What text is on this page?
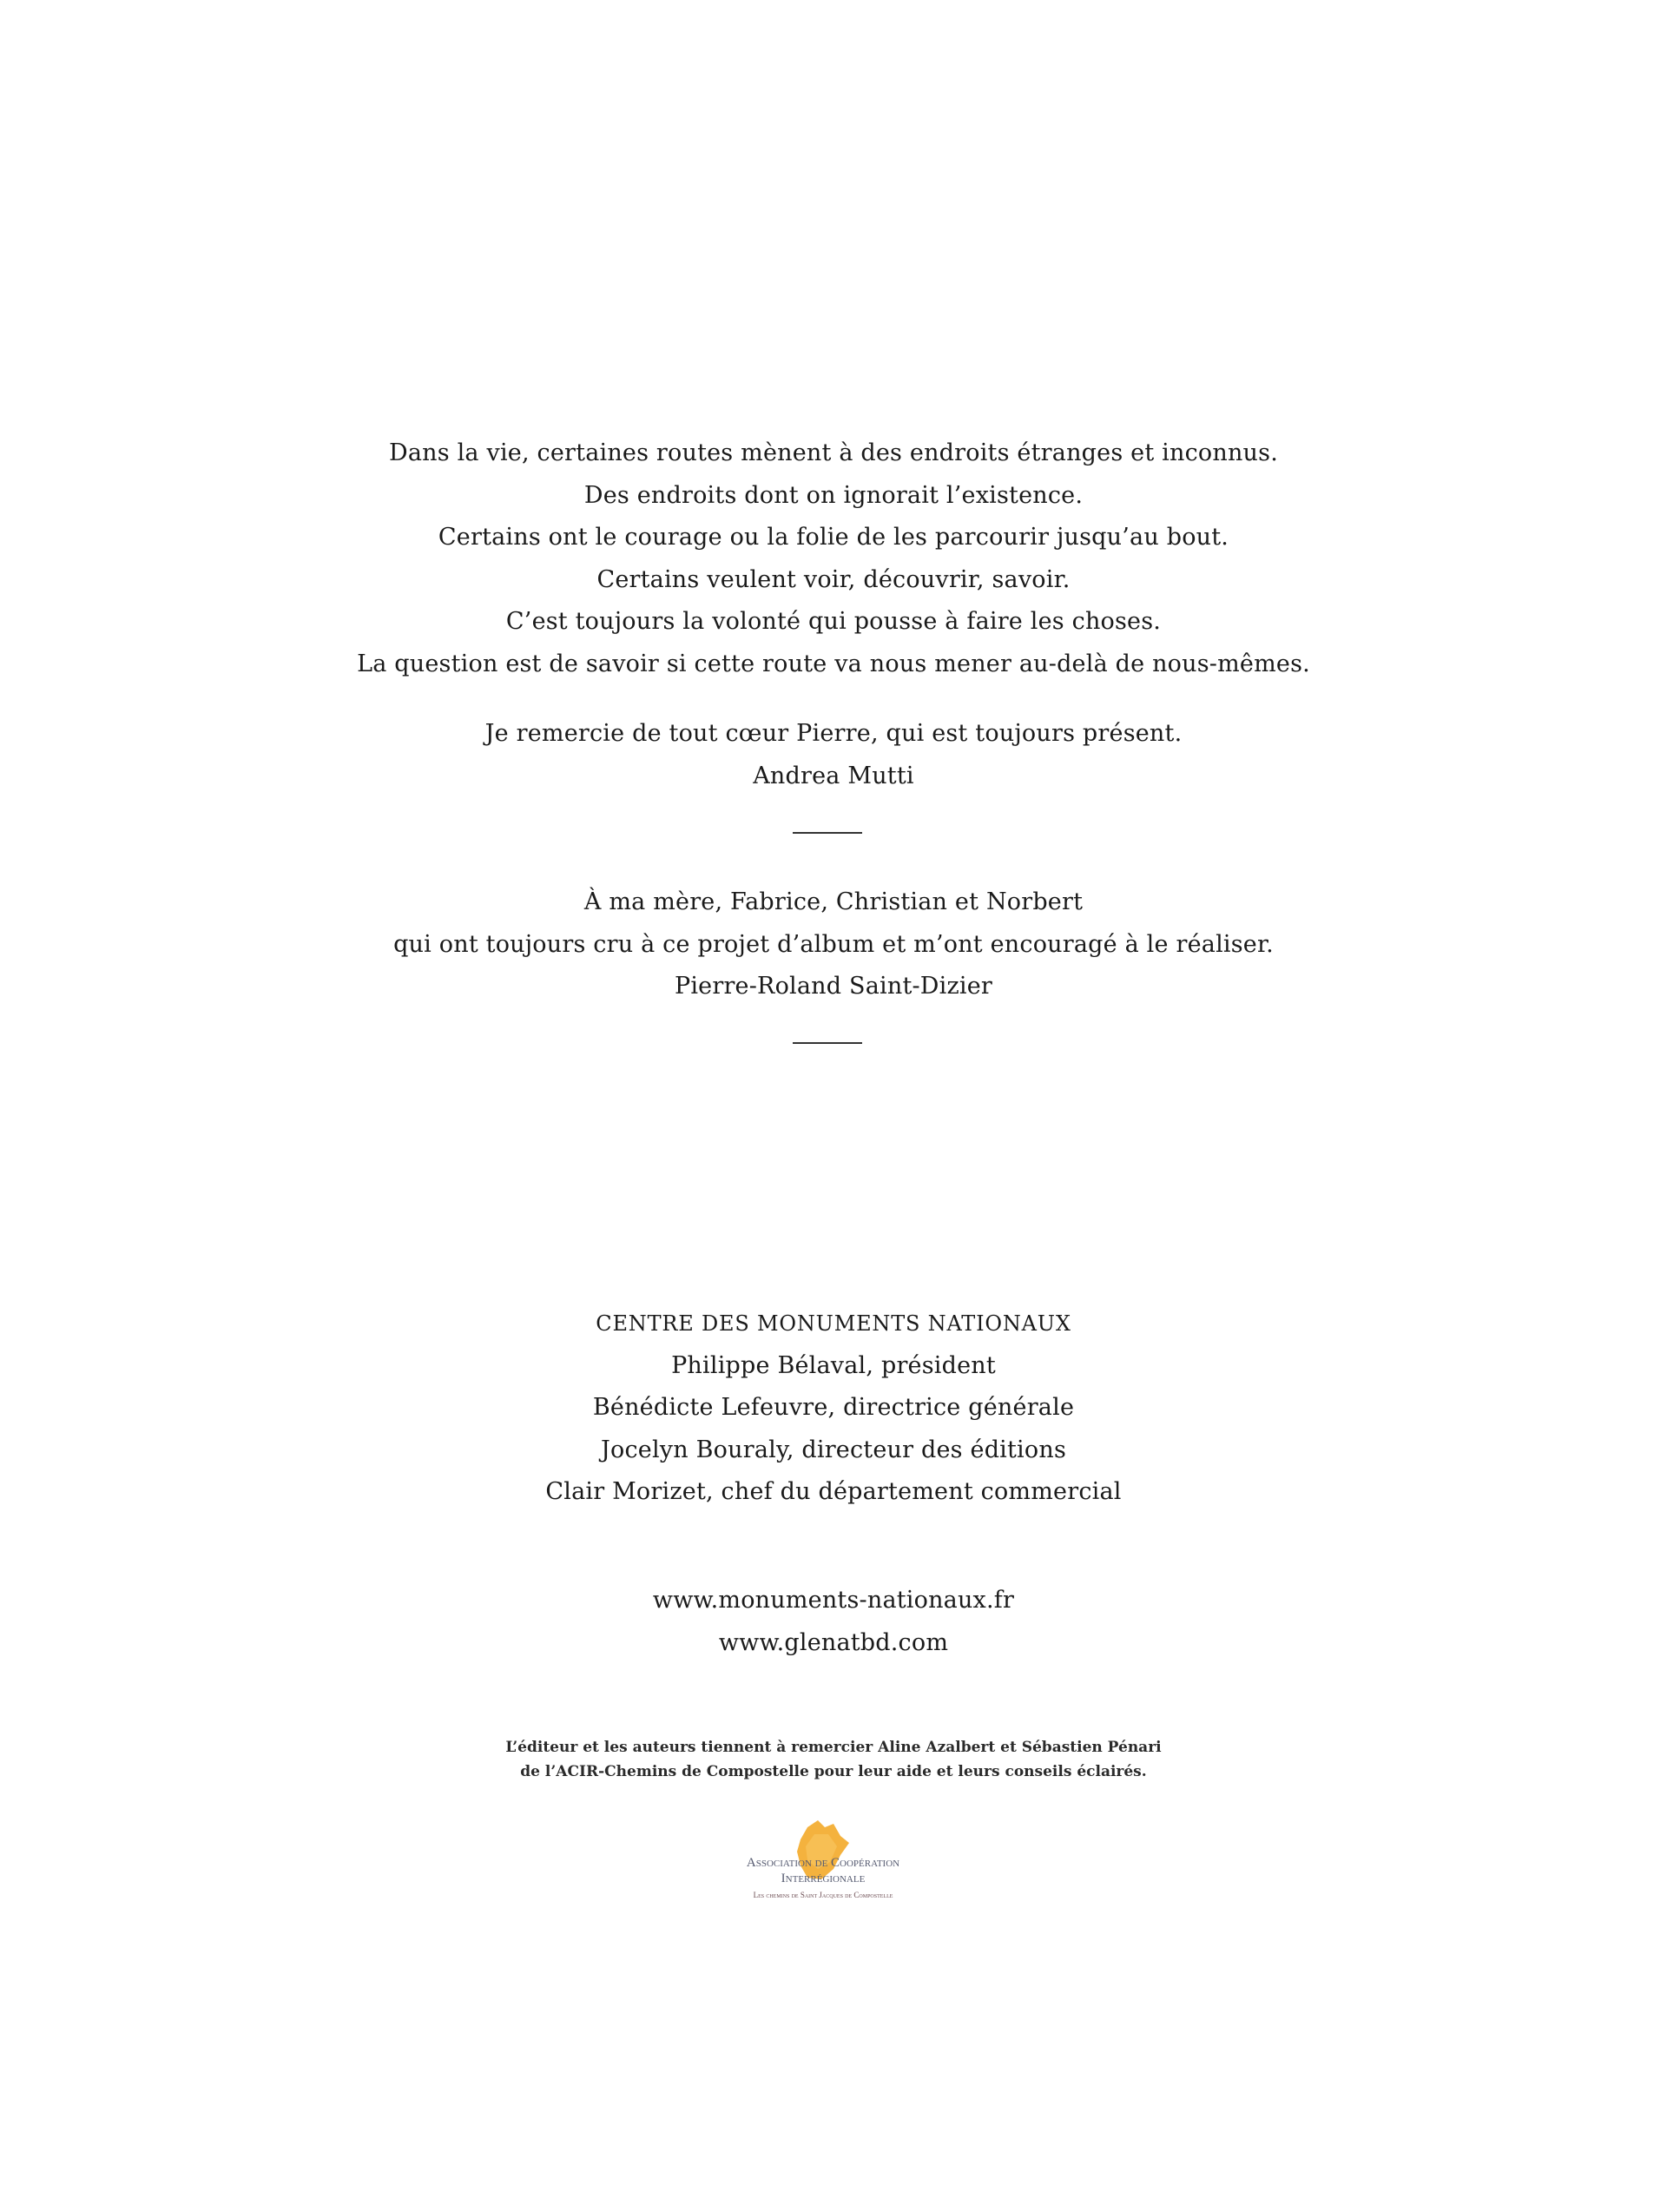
Dans la vie, certaines routes mènent à des endroits étranges et inconnus.
Des endroits dont on ignorait l’existence.
Certains ont le courage ou la folie de les parcourir jusqu’au bout.
Certains veulent voir, découvrir, savoir.
C’est toujours la volonté qui pousse à faire les choses.
La question est de savoir si cette route va nous mener au-delà de nous-mêmes.
Je remercie de tout cœur Pierre, qui est toujours présent.
Andrea Mutti
À ma mère, Fabrice, Christian et Norbert
qui ont toujours cru à ce projet d’album et m’ont encouragé à le réaliser.
Pierre-Roland Saint-Dizier
CENTRE DES MONUMENTS NATIONAUX
Philippe Bélaval, président
Bénédicte Lefeuvre, directrice générale
Jocelyn Bouraly, directeur des éditions
Clair Morizet, chef du département commercial
www.monuments-nationaux.fr
www.glenatbd.com
L’éditeur et les auteurs tiennent à remercier Aline Azalbert et Sébastien Pénari
de l’ACIR-Chemins de Compostelle pour leur aide et leurs conseils éclairés.
Association de Coopération
Interrégionale
Les chemins de Saint Jacques de Compostelle
